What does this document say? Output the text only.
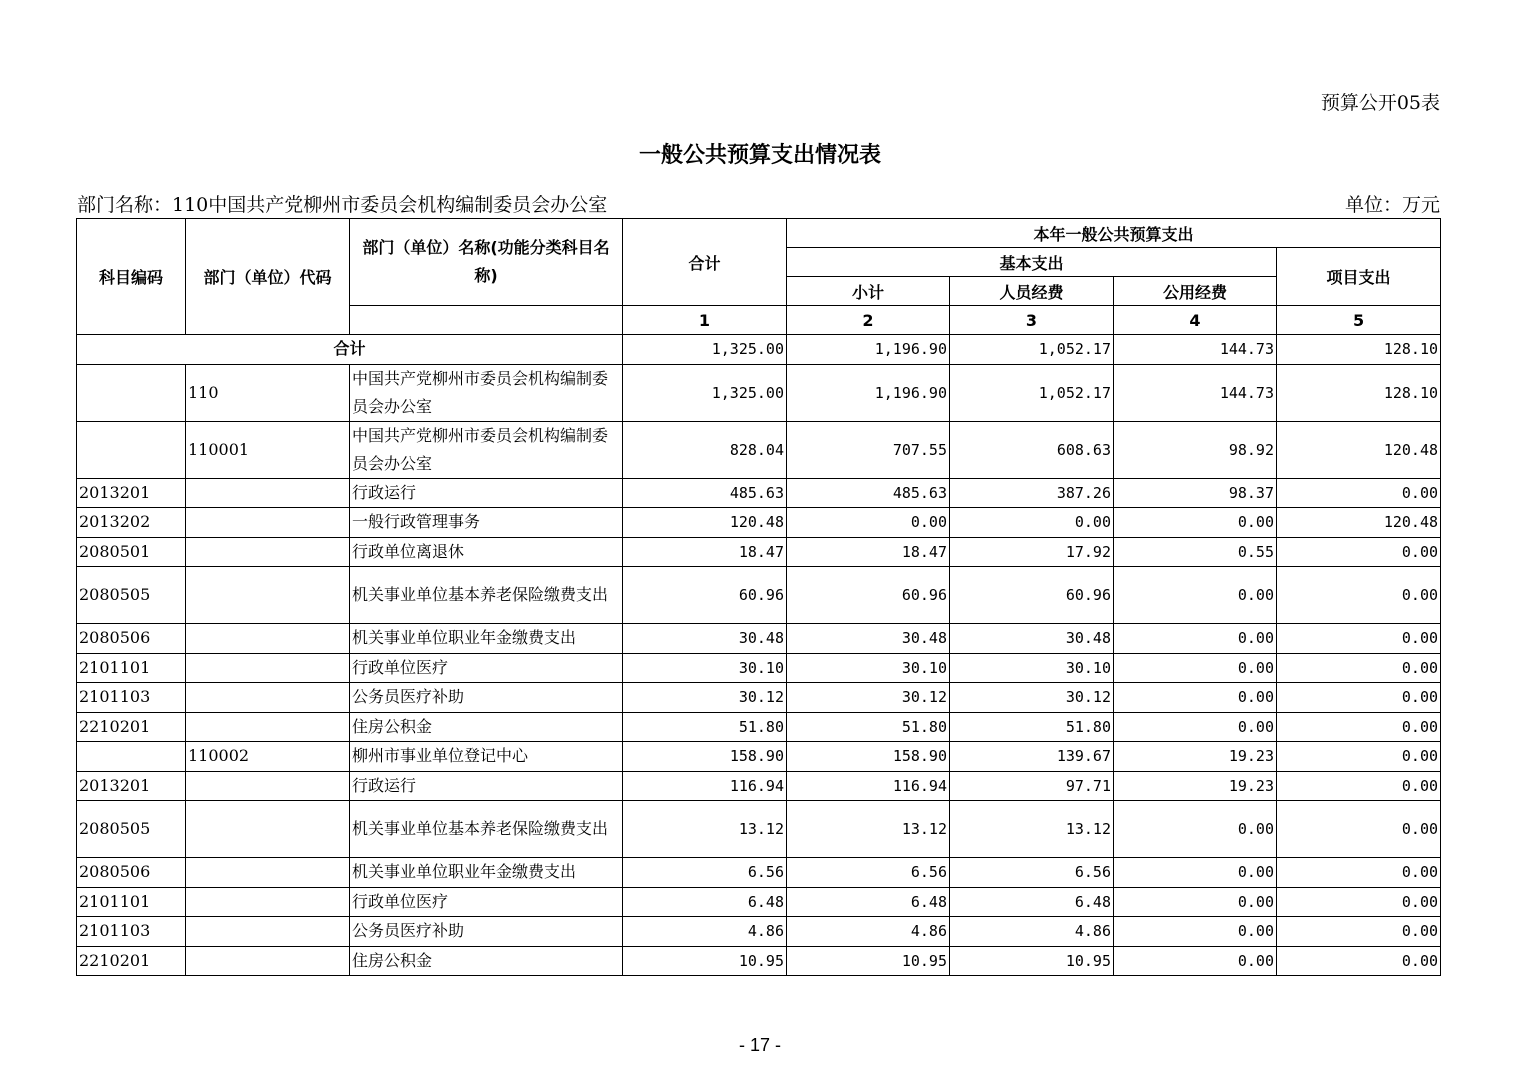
预算公开05表
一般公共预算支出情况表
部门名称：110中国共产党柳州市委员会机构编制委员会办公室	单位：万元
科目编码	部门（单位）代码	部门（单位）名称(功能分类科目名称)	合计	本年一般公共预算支出			
				基本支出			项目支出
				小计	人员经费	公用经费	
			1	2	3	4	5
合计			1,325.00	1,196.90	1,052.17	144.73	128.10
	110	中国共产党柳州市委员会机构编制委员会办公室	1,325.00	1,196.90	1,052.17	144.73	128.10
	110001	中国共产党柳州市委员会机构编制委员会办公室	828.04	707.55	608.63	98.92	120.48
2013201		行政运行	485.63	485.63	387.26	98.37	0.00
2013202		一般行政管理事务	120.48	0.00	0.00	0.00	120.48
2080501		行政单位离退休	18.47	18.47	17.92	0.55	0.00
2080505		机关事业单位基本养老保险缴费支出	60.96	60.96	60.96	0.00	0.00
2080506		机关事业单位职业年金缴费支出	30.48	30.48	30.48	0.00	0.00
2101101		行政单位医疗	30.10	30.10	30.10	0.00	0.00
2101103		公务员医疗补助	30.12	30.12	30.12	0.00	0.00
2210201		住房公积金	51.80	51.80	51.80	0.00	0.00
	110002	柳州市事业单位登记中心	158.90	158.90	139.67	19.23	0.00
2013201		行政运行	116.94	116.94	97.71	19.23	0.00
2080505		机关事业单位基本养老保险缴费支出	13.12	13.12	13.12	0.00	0.00
2080506		机关事业单位职业年金缴费支出	6.56	6.56	6.56	0.00	0.00
2101101		行政单位医疗	6.48	6.48	6.48	0.00	0.00
2101103		公务员医疗补助	4.86	4.86	4.86	0.00	0.00
2210201		住房公积金	10.95	10.95	10.95	0.00	0.00
- 17 -
